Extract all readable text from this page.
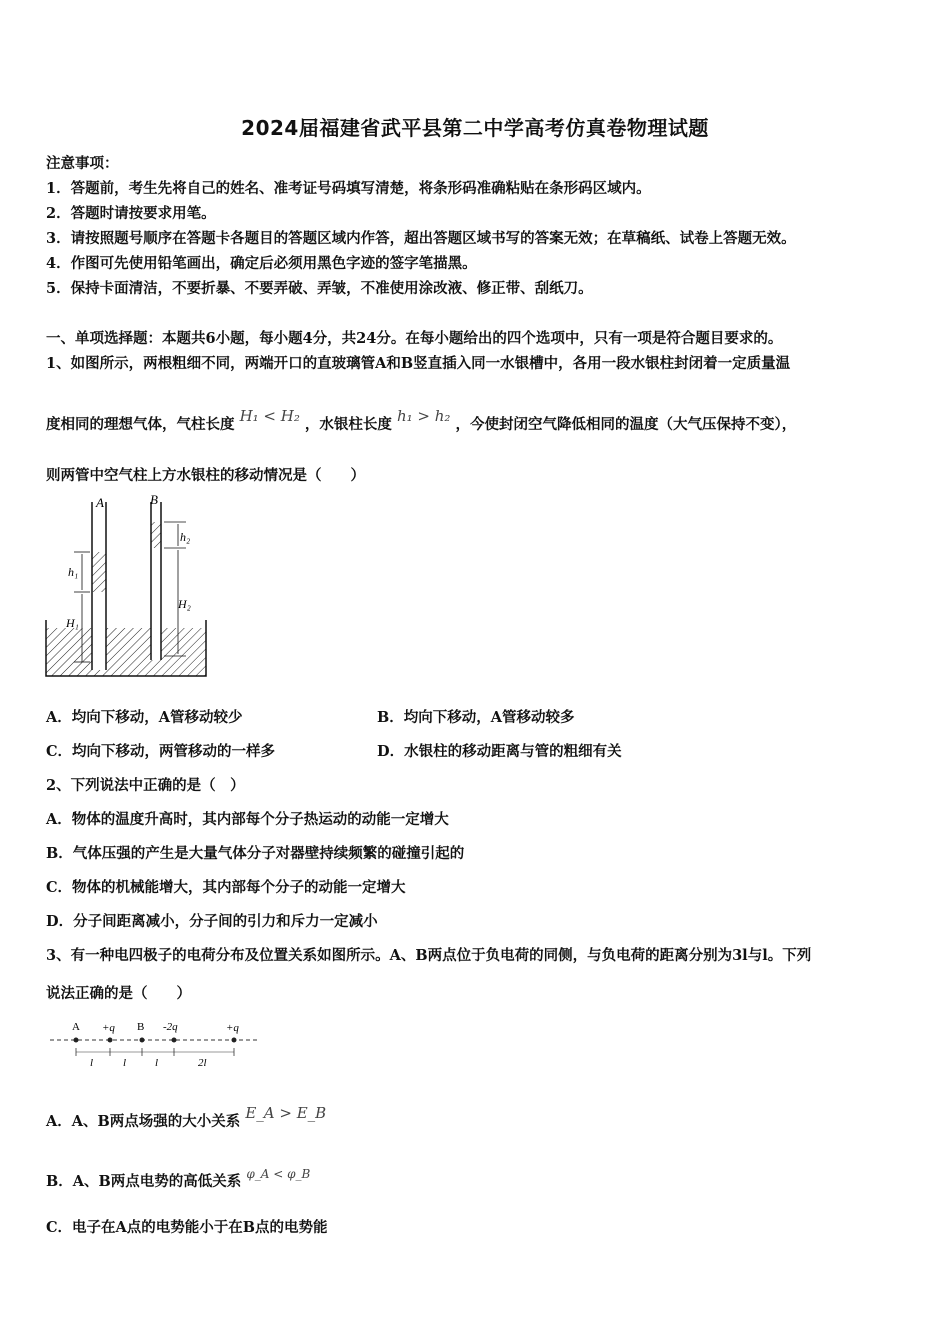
2024届福建省武平县第二中学高考仿真卷物理试题
注意事项：
1．答题前，考生先将自己的姓名、准考证号码填写清楚，将条形码准确粘贴在条形码区域内。
2．答题时请按要求用笔。
3．请按照题号顺序在答题卡各题目的答题区域内作答，超出答题区域书写的答案无效；在草稿纸、试卷上答题无效。
4．作图可先使用铅笔画出，确定后必须用黑色字迹的签字笔描黑。
5．保持卡面清洁，不要折暴、不要弄破、弄皱，不准使用涂改液、修正带、刮纸刀。
一、单项选择题：本题共6小题，每小题4分，共24分。在每小题给出的四个选项中，只有一项是符合题目要求的。
1、如图所示，两根粗细不同，两端开口的直玻璃管A和B竖直插入同一水银槽中，各用一段水银柱封闭着一定质量温
度相同的理想气体，气柱长度 H₁ < H₂ ，水银柱长度 h₁ > h₂ ，今使封闭空气降低相同的温度（大气压保持不变），
则两管中空气柱上方水银柱的移动情况是（　　）
A	B
h₁
h₂
H₁
H₂
A．均向下移动，A管移动较少	B．均向下移动，A管移动较多
C．均向下移动，两管移动的一样多	D．水银柱的移动距离与管的粗细有关
2、下列说法中正确的是（　）
A．物体的温度升高时，其内部每个分子热运动的动能一定增大
B．气体压强的产生是大量气体分子对器壁持续频繁的碰撞引起的
C．物体的机械能增大，其内部每个分子的动能一定增大
D．分子间距离减小，分子间的引力和斥力一定减小
3、有一种电四极子的电荷分布及位置关系如图所示。A、B两点位于负电荷的同侧，与负电荷的距离分别为3l与l。下列
说法正确的是（　　）
A +q B -2q	+q
l	l	l	2l
A．A、B两点场强的大小关系 E_A > E_B
B．A、B两点电势的高低关系 $^{\varphi\_A < \varphi\_B}$
C．电子在A点的电势能小于在B点的电势能
